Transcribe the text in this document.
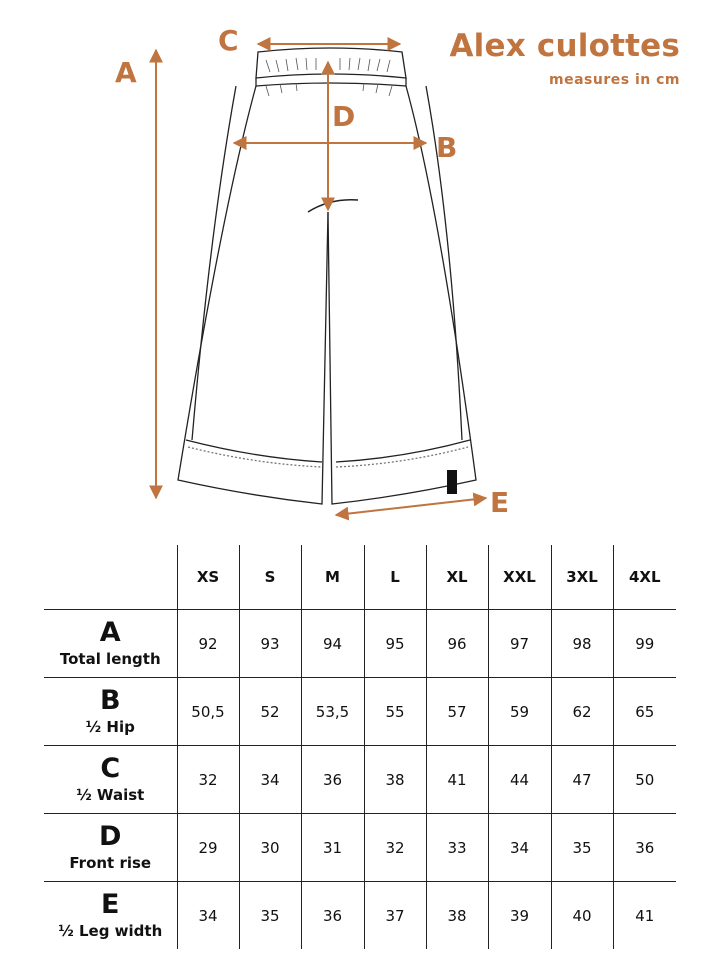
Alex culottes
measures in cm
A
B
C
D
E
	XS	S	M	L	XL	XXL	3XL	4XL

A
Total length	92	93	94	95	96	97	98	99

B
½ Hip	50,5	52	53,5	55	57	59	62	65

C
½ Waist	32	34	36	38	41	44	47	50

D
Front rise	29	30	31	32	33	34	35	36

E
½ Leg width	34	35	36	37	38	39	40	41
